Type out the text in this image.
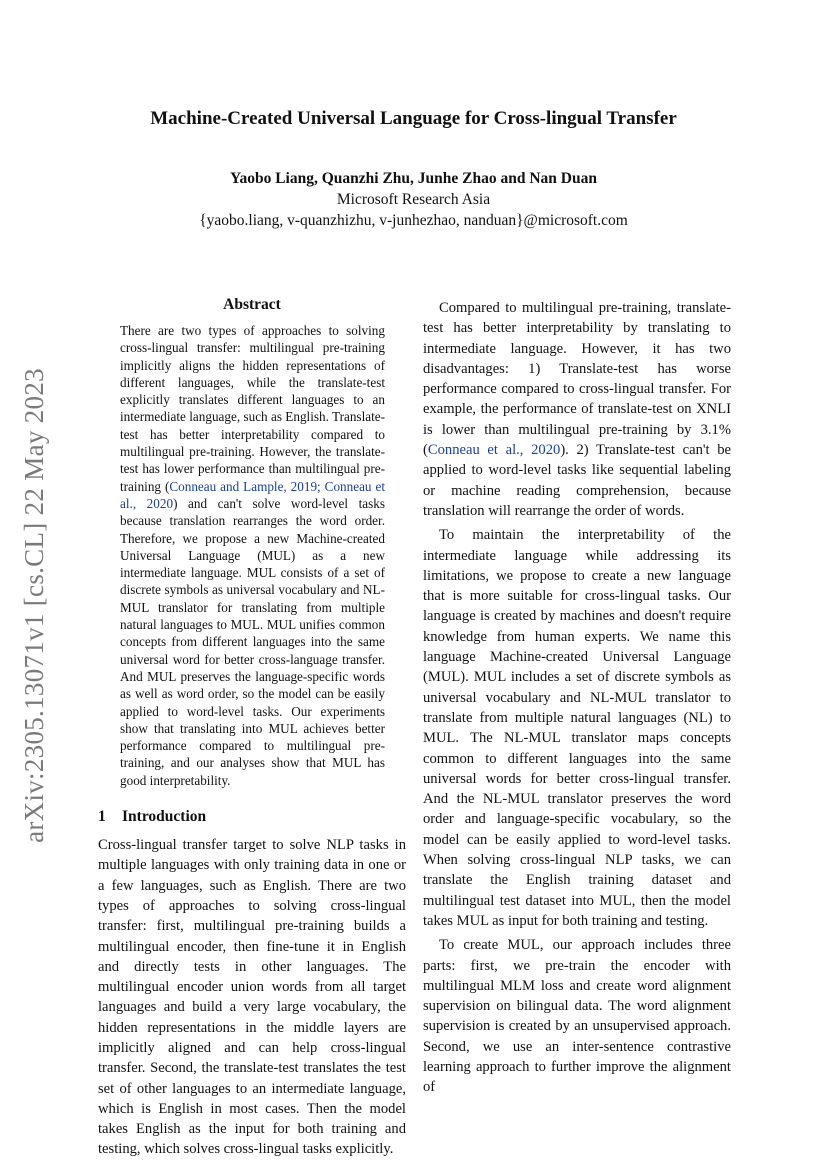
Machine-Created Universal Language for Cross-lingual Transfer
Yaobo Liang, Quanzhi Zhu, Junhe Zhao and Nan Duan
Microsoft Research Asia
{yaobo.liang, v-quanzhizhu, v-junhezhao, nanduan}@microsoft.com
arXiv:2305.13071v1 [cs.CL] 22 May 2023
Abstract

There are two types of approaches to solving cross-lingual transfer: multilingual pre-training implicitly aligns the hidden representations of different languages, while the translate-test explicitly translates different languages to an intermediate language, such as English. Translate-test has better interpretability compared to multilingual pre-training. However, the translate-test has lower performance than multilingual pre-training (Conneau and Lample, 2019; Conneau et al., 2020) and can't solve word-level tasks because translation rearranges the word order. Therefore, we propose a new Machine-created Universal Language (MUL) as a new intermediate language. MUL consists of a set of discrete symbols as universal vocabulary and NL-MUL translator for translating from multiple natural languages to MUL. MUL unifies common concepts from different languages into the same universal word for better cross-language transfer. And MUL preserves the language-specific words as well as word order, so the model can be easily applied to word-level tasks. Our experiments show that translating into MUL achieves better performance compared to multilingual pre-training, and our analyses show that MUL has good interpretability.

1 Introduction

Cross-lingual transfer target to solve NLP tasks in multiple languages with only training data in one or a few languages, such as English. There are two types of approaches to solving cross-lingual transfer: first, multilingual pre-training builds a multilingual encoder, then fine-tune it in English and directly tests in other languages. The multilingual encoder union words from all target languages and build a very large vocabulary, the hidden representations in the middle layers are implicitly aligned and can help cross-lingual transfer. Second, the translate-test translates the test set of other languages to an intermediate language, which is English in most cases. Then the model takes English as the input for both training and testing, which solves cross-lingual tasks explicitly.

Compared to multilingual pre-training, translate-test has better interpretability by translating to intermediate language. However, it has two disadvantages: 1) Translate-test has worse performance compared to cross-lingual transfer. For example, the performance of translate-test on XNLI is lower than multilingual pre-training by 3.1% (Conneau et al., 2020). 2) Translate-test can't be applied to word-level tasks like sequential labeling or machine reading comprehension, because translation will rearrange the order of words.

To maintain the interpretability of the intermediate language while addressing its limitations, we propose to create a new language that is more suitable for cross-lingual tasks. Our language is created by machines and doesn't require knowledge from human experts. We name this language Machine-created Universal Language (MUL). MUL includes a set of discrete symbols as universal vocabulary and NL-MUL translator to translate from multiple natural languages (NL) to MUL. The NL-MUL translator maps concepts common to different languages into the same universal words for better cross-lingual transfer. And the NL-MUL translator preserves the word order and language-specific vocabulary, so the model can be easily applied to word-level tasks. When solving cross-lingual NLP tasks, we can translate the English training dataset and multilingual test dataset into MUL, then the model takes MUL as input for both training and testing.

To create MUL, our approach includes three parts: first, we pre-train the encoder with multilingual MLM loss and create word alignment supervision on bilingual data. The word alignment supervision is created by an unsupervised approach. Second, we use an inter-sentence contrastive learning approach to further improve the alignment of
